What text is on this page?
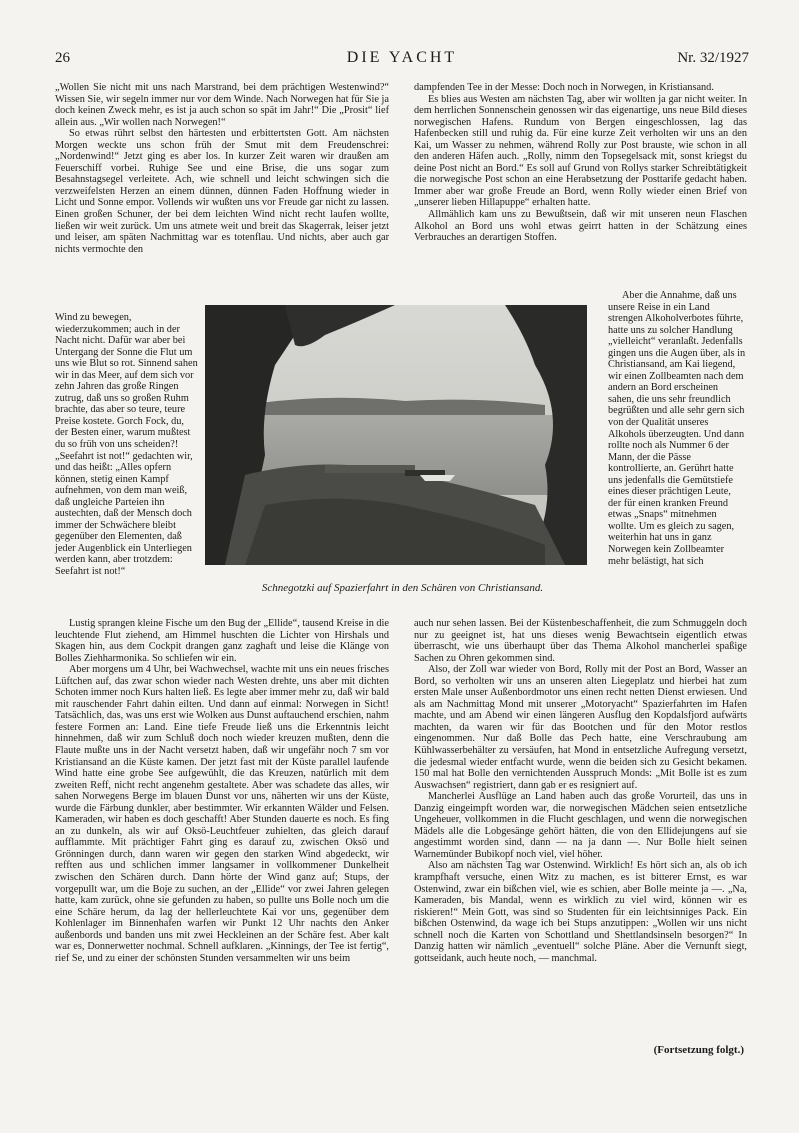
26	DIE YACHT	Nr. 32/1927

„Wollen Sie nicht mit uns nach Marstrand, bei dem prächtigen Westenwind?“ Wissen Sie, wir segeln immer nur vor dem Winde. Nach Norwegen hat für Sie ja doch keinen Zweck mehr, es ist ja auch schon so spät im Jahr!“ Die „Prosit“ lief allein aus. „Wir wollen nach Norwegen!“

So etwas rührt selbst den härtesten und erbittertsten Gott. Am nächsten Morgen weckte uns schon früh der Smut mit dem Freudenschrei: „Nordenwind!“ Jetzt ging es aber los. In kurzer Zeit waren wir draußen am Feuerschiff vorbei. Ruhige See und eine Brise, die uns sogar zum Besahnstagsegel verleitete. Ach, wie schnell und leicht schwingen sich die verzweifelsten Herzen an einem dünnen, dünnen Faden Hoffnung wieder in Licht und Sonne empor. Vollends wir wußten uns vor Freude gar nicht zu lassen. Einen großen Schuner, der bei dem leichten Wind nicht recht laufen wollte, ließen wir weit zurück. Um uns atmete weit und breit das Skagerrak, leiser jetzt und leiser, am späten Nachmittag war es totenflau. Und nichts, aber auch gar nichts vermochte den

Wind zu bewegen, wiederzukommen; auch in der Nacht nicht. Dafür war aber bei Untergang der Sonne die Flut um uns wie Blut so rot. Sinnend sahen wir in das Meer, auf dem sich vor zehn Jahren das große Ringen zutrug, daß uns so großen Ruhm brachte, das aber so teure, teure Preise kostete. Gorch Fock, du, der Besten einer, warum mußtest du so früh von uns scheiden?! „Seefahrt ist not!“ gedachten wir, und das heißt: „Alles opfern können, stetig einen Kampf aufnehmen, von dem man weiß, daß ungleiche Parteien ihn austechten, daß der Mensch doch immer der Schwächere bleibt gegenüber den Elementen, daß jeder Augenblick ein Unterliegen werden kann, aber trotzdem: Seefahrt ist not!“

dampfenden Tee in der Messe: Doch noch in Norwegen, in Kristiansand.

Es blies aus Westen am nächsten Tag, aber wir wollten ja gar nicht weiter. In dem herrlichen Sonnenschein genossen wir das eigenartige, uns neue Bild dieses norwegischen Hafens. Rundum von Bergen eingeschlossen, lag das Hafenbecken still und ruhig da. Für eine kurze Zeit verholten wir uns an den Kai, um Wasser zu nehmen, während Rolly zur Post brauste, wie schon in all den anderen Häfen auch. „Rolly, nimm den Topsegelsack mit, sonst kriegst du deine Post nicht an Bord.“ Es soll auf Grund von Rollys starker Schreibtätigkeit die norwegische Post schon an eine Herabsetzung der Posttarife gedacht haben. Immer aber war große Freude an Bord, wenn Rolly wieder einen Brief von „unserer lieben Hillapuppe“ erhalten hatte.

Allmählich kam uns zu Bewußtsein, daß wir mit unseren neun Flaschen Alkohol an Bord uns wohl etwas geirrt hatten in der Schätzung eines Verbrauches an derartigen Stoffen.

Aber die Annahme, daß uns unsere Reise in ein Land strengen Alkoholverbotes führte, hatte uns zu solcher Handlung „vielleicht“ veranlaßt. Jedenfalls gingen uns die Augen über, als in Christiansand, am Kai liegend, wir einen Zollbeamten nach dem andern an Bord erscheinen sahen, die uns sehr freundlich begrüßten und alle sehr gern sich von der Qualität unseres Alkohols überzeugten. Und dann rollte noch als Nummer 6 der Mann, der die Pässe kontrollierte, an. Gerührt hatte uns jedenfalls die Gemütstiefe eines dieser prächtigen Leute, der für einen kranken Freund etwas „Snaps“ mitnehmen wollte. Um es gleich zu sagen, weiterhin hat uns in ganz Norwegen kein Zollbeamter mehr belästigt, hat sich

Schnegotzki auf Spazierfahrt in den Schären von Christiansand.

Lustig sprangen kleine Fische um den Bug der „Ellide“, tausend Kreise in die leuchtende Flut ziehend, am Himmel huschten die Lichter von Hirshals und Skagen hin, aus dem Cockpit drangen ganz zaghaft und leise die Klänge von Bolles Ziehharmonika. So schliefen wir ein.

Aber morgens um 4 Uhr, bei Wachwechsel, wachte mit uns ein neues frisches Lüftchen auf, das zwar schon wieder nach Westen drehte, uns aber mit dichten Schoten immer noch Kurs halten ließ. Es legte aber immer mehr zu, daß wir bald mit rauschender Fahrt dahin eilten. Und dann auf einmal: Norwegen in Sicht! Tatsächlich, das, was uns erst wie Wolken aus Dunst auftauchend erschien, nahm festere Formen an: Land. Eine tiefe Freude ließ uns die Erkenntnis leicht hinnehmen, daß wir zum Schluß doch noch wieder kreuzen mußten, denn die Flaute mußte uns in der Nacht versetzt haben, daß wir ungefähr noch 7 sm vor Kristiansand an die Küste kamen. Der jetzt fast mit der Küste parallel laufende Wind hatte eine grobe See aufgewühlt, die das Kreuzen, natürlich mit dem zweiten Reff, nicht recht angenehm gestaltete. Aber was schadete das alles, wir sahen Norwegens Berge im blauen Dunst vor uns, näherten wir uns der Küste, wurde die Färbung dunkler, aber bestimmter. Wir erkannten Wälder und Felsen. Kameraden, wir haben es doch geschafft! Aber Stunden dauerte es noch. Es fing an zu dunkeln, als wir auf Oksö-Leuchtfeuer zuhielten, das gleich darauf aufflammte. Mit prächtiger Fahrt ging es darauf zu, zwischen Oksö und Grönningen durch, dann waren wir gegen den starken Wind abgedeckt, wir refften aus und schlichen immer langsamer in vollkommener Dunkelheit zwischen den Schären durch. Dann hörte der Wind ganz auf; Stups, der vorgepullt war, um die Boje zu suchen, an der „Ellide“ vor zwei Jahren gelegen hatte, kam zurück, ohne sie gefunden zu haben, so pullte uns Bolle noch um die eine Schäre herum, da lag der hellerleuchtete Kai vor uns, gegenüber dem Kohlenlager im Binnenhafen warfen wir Punkt 12 Uhr nachts den Anker außenbords und banden uns mit zwei Heckleinen an der Schäre fest. Aber kalt war es, Donnerwetter nochmal. Schnell aufklaren. „Kinnings, der Tee ist fertig“, rief Se, und zu einer der schönsten Stunden versammelten wir uns beim

auch nur sehen lassen. Bei der Küstenbeschaffenheit, die zum Schmuggeln doch nur zu geeignet ist, hat uns dieses wenig Bewachtsein eigentlich etwas überrascht, wie uns überhaupt über das Thema Alkohol mancherlei spaßige Sachen zu Ohren gekommen sind.

Also, der Zoll war wieder von Bord, Rolly mit der Post an Bord, Wasser an Bord, so verholten wir uns an unseren alten Liegeplatz und hierbei hat zum ersten Male unser Außenbordmotor uns einen recht netten Dienst erwiesen. Und als am Nachmittag Mond mit unserer „Motoryacht“ Spazierfahrten im Hafen machte, und am Abend wir einen längeren Ausflug den Kopdalsfjord aufwärts machten, da waren wir für das Bootchen und für den Motor restlos eingenommen. Nur daß Bolle das Pech hatte, eine Verschraubung am Kühlwasserbehälter zu versäufen, hat Mond in entsetzliche Aufregung versetzt, die jedesmal wieder entfacht wurde, wenn die beiden sich zu Gesicht bekamen. 150 mal hat Bolle den vernichtenden Ausspruch Monds: „Mit Bolle ist es zum Auswachsen“ registriert, dann gab er es resigniert auf.

Mancherlei Ausflüge an Land haben auch das große Vorurteil, das uns in Danzig eingeimpft worden war, die norwegischen Mädchen seien entsetzliche Ungeheuer, vollkommen in die Flucht geschlagen, und wenn die norwegischen Mädels alle die Lobgesänge gehört hätten, die von den Ellidejungens auf sie angestimmt worden sind, dann — na ja dann —. Nur Bolle hielt seinen Warnemünder Bubikopf noch viel, viel höher.

Also am nächsten Tag war Ostenwind. Wirklich! Es hört sich an, als ob ich krampfhaft versuche, einen Witz zu machen, es ist bitterer Ernst, es war Ostenwind, zwar ein bißchen viel, wie es schien, aber Bolle meinte ja —. „Na, Kameraden, bis Mandal, wenn es wirklich zu viel wird, können wir es riskieren!“ Mein Gott, was sind so Studenten für ein leichtsinniges Pack. Ein bißchen Ostenwind, da wage ich bei Stups anzutippen: „Wollen wir uns nicht schnell noch die Karten von Schottland und Shettlandsinseln besorgen?“ In Danzig hatten wir nämlich „eventuell“ solche Pläne. Aber die Vernunft siegt, gottseidank, auch heute noch, — manchmal.

(Fortsetzung folgt.)
